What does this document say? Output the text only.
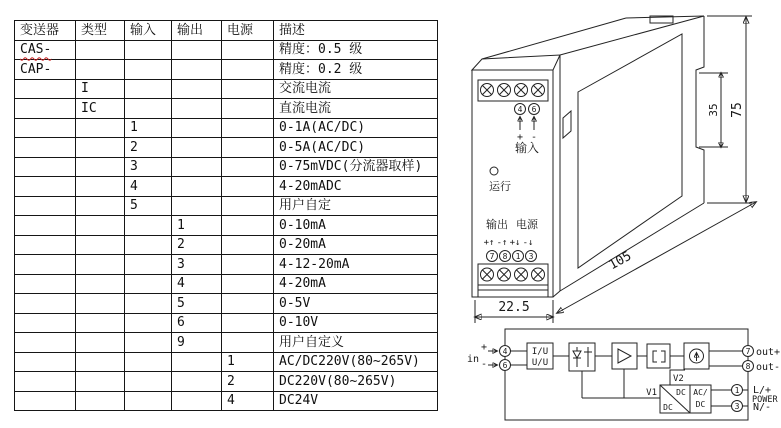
变送器	类型	输入	输出	电源	描述
CAS-					精度：0.5 级
CAP-					精度：0.2 级
	I				交流电流
	IC				直流电流
		1			0-1A(AC/DC)
		2			0-5A(AC/DC)
		3			0-75mVDC(分流器取样)
		4			4-20mADC
		5			用户自定
			1		0-10mA
			2		0-20mA
			3		4-12-20mA
			4		4-20mA
			5		0-5V
			6		0-10V
			9		用户自定义
				1	AC/DC220V(80~265V)
				2	DC220V(80~265V)
				4	DC24V
4 6
+ -
输入
运行
输出 电源
+↑ -↑ +↓ -↓
7 8 1 3
22.5
105
35 75
in
+
-
4
6
I/U
U/U
7
8
out+
out-
V1
V2
DC
DC
AC/
DC
1
3
L/+
N/-
POWER
